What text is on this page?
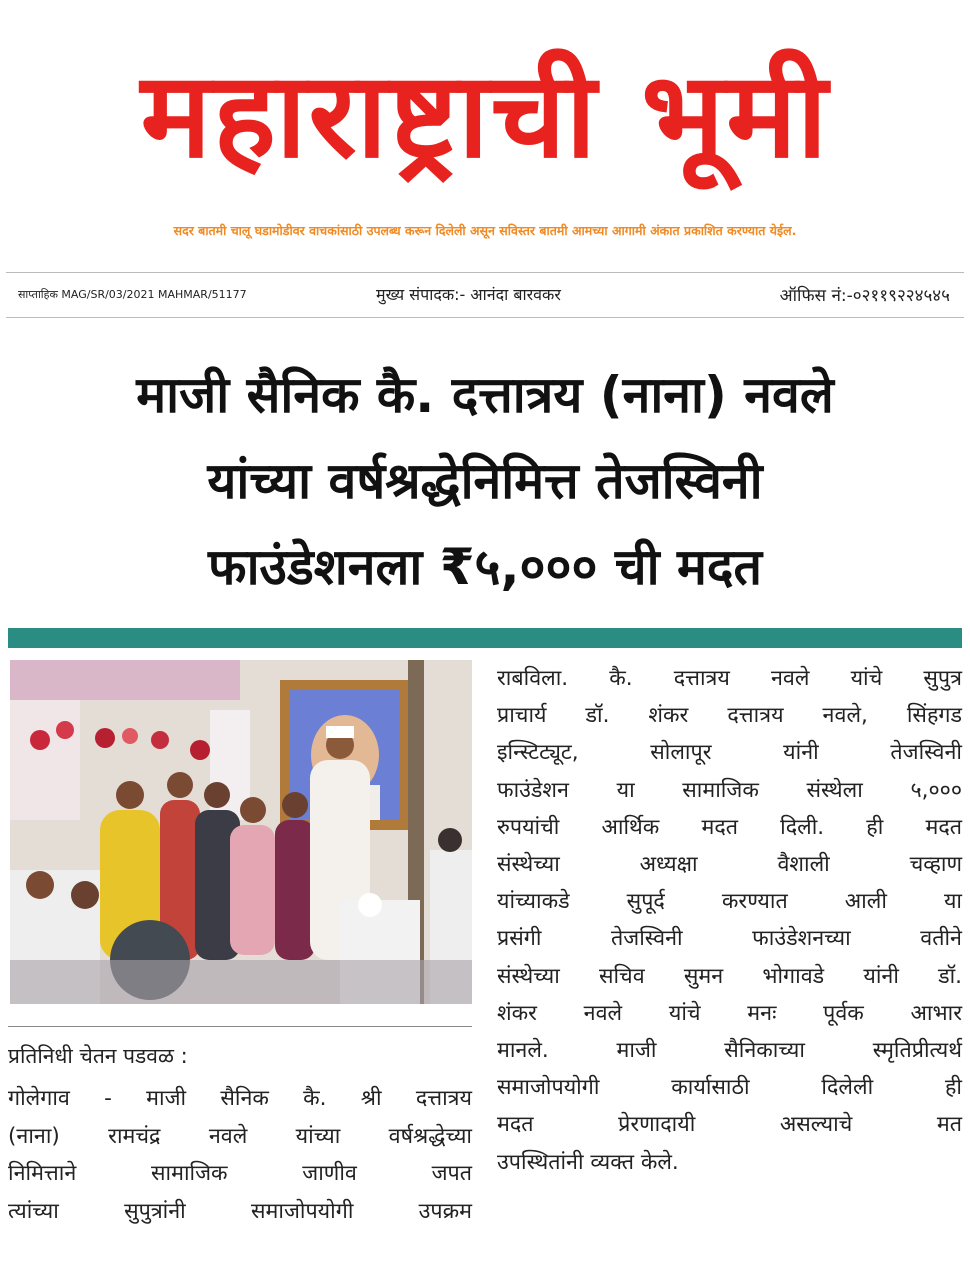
महाराष्ट्राची भूमी
सदर बातमी चालू घडामोडीवर वाचकांसाठी उपलब्ध करून दिलेली असून सविस्तर बातमी आमच्या आगामी अंकात प्रकाशित करण्यात येईल.
साप्ताहिक MAG/SR/03/2021 MAHMAR/51177	मुख्य संपादक:- आनंदा बारवकर	ऑफिस नं:-०२११९२२४५४५
माजी सैनिक कै. दत्तात्रय (नाना) नवले
यांच्या वर्षश्रद्धेनिमित्त तेजस्विनी
फाउंडेशनला ₹५,००० ची मदत
प्रतिनिधी चेतन पडवळ :
गोलेगाव - माजी सैनिक कै. श्री दत्तात्रय
(नाना) रामचंद्र नवले यांच्या वर्षश्रद्धेच्या
निमित्ताने सामाजिक जाणीव जपत
त्यांच्या सुपुत्रांनी समाजोपयोगी उपक्रम
राबविला. कै. दत्तात्रय नवले यांचे सुपुत्र
प्राचार्य डॉ. शंकर दत्तात्रय नवले, सिंहगड
इन्स्टिट्यूट, सोलापूर यांनी तेजस्विनी
फाउंडेशन या सामाजिक संस्थेला ५,०००
रुपयांची आर्थिक मदत दिली. ही मदत
संस्थेच्या अध्यक्षा वैशाली चव्हाण
यांच्याकडे सुपूर्द करण्यात आली या
प्रसंगी तेजस्विनी फाउंडेशनच्या वतीने
संस्थेच्या सचिव सुमन भोगावडे यांनी डॉ.
शंकर नवले यांचे मनः पूर्वक आभार
मानले. माजी सैनिकाच्या स्मृतिप्रीत्यर्थ
समाजोपयोगी कार्यासाठी दिलेली ही
मदत प्रेरणादायी असल्याचे मत
उपस्थितांनी व्यक्त केले.
